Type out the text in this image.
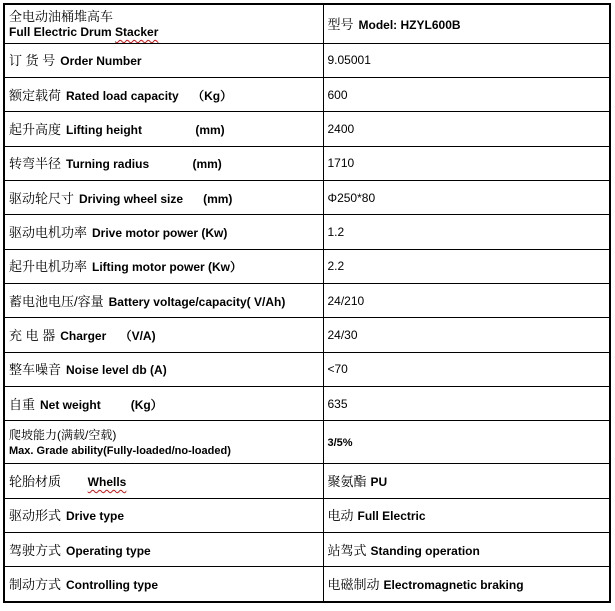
全电动油桶堆高车
Full Electric Drum Stacker	型号 Model: HZYL600B
订 货 号 Order Number	9.05001
额定载荷 Rated load capacity    （Kg）	600
起升高度 Lifting height                (mm)	2400
转弯半径 Turning radius             (mm)	1710
驱动轮尺寸 Driving wheel size      (mm)	Φ250*80
驱动电机功率 Drive motor power (Kw)	1.2
起升电机功率 Lifting motor power (Kw）	2.2
蓄电池电压/容量 Battery voltage/capacity( V/Ah)	24/210
充 电 器 Charger    （V/A)	24/30
整车噪音 Noise level db (A)	<70
自重 Net weight         (Kg）	635

爬坡能力(满载/空载)
Max. Grade ability(Fully-loaded/no-loaded)	3/5%
轮胎材质      Whells	聚氨酯 PU
驱动形式 Drive type	电动 Full Electric
驾驶方式 Operating type	站驾式 Standing operation
制动方式 Controlling type	电磁制动 Electromagnetic braking
